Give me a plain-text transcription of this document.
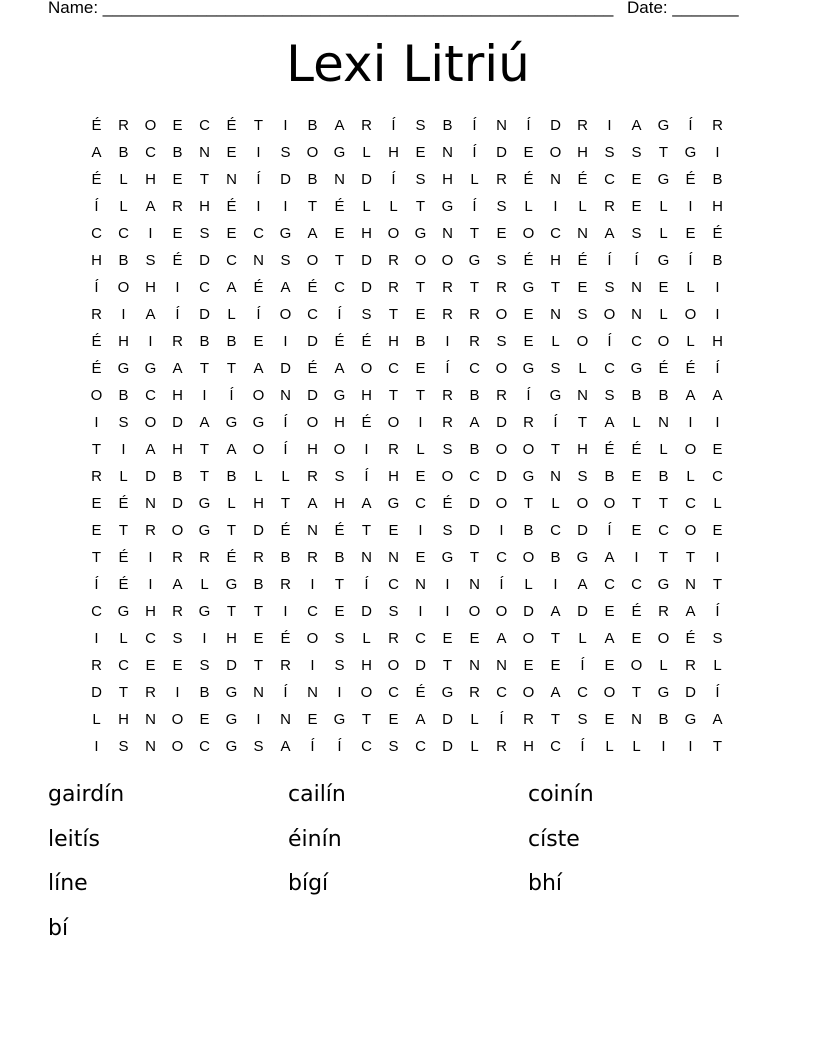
Name: ______________________________________________________ Date: _______
Lexi Litriú
É	R	O	E	C	É	T	I	B	A	R	Í	S	B	Í	N	Í	D	R	I	A	G	Í	R
A	B	C	B	N	E	I	S	O	G	L	H	E	N	Í	D	E	O	H	S	S	T	G	I
É	L	H	E	T	N	Í	D	B	N	D	Í	S	H	L	R	É	N	É	C	E	G	É	B
Í	L	A	R	H	É	I	I	T	É	L	L	T	G	Í	S	L	I	L	R	E	L	I	H
C	C	I	E	S	E	C	G	A	E	H	O	G	N	T	E	O	C	N	A	S	L	E	É
H	B	S	É	D	C	N	S	O	T	D	R	O	O	G	S	É	H	É	Í	Í	G	Í	B
Í	O	H	I	C	A	É	A	É	C	D	R	T	R	T	R	G	T	E	S	N	E	L	I
R	I	A	Í	D	L	Í	O	C	Í	S	T	E	R	R	O	E	N	S	O	N	L	O	I
É	H	I	R	B	B	E	I	D	É	É	H	B	I	R	S	E	L	O	Í	C	O	L	H
É	G	G	A	T	T	A	D	É	A	O	C	E	Í	C	O	G	S	L	C	G	É	É	Í
O	B	C	H	I	Í	O	N	D	G	H	T	T	R	B	R	Í	G	N	S	B	B	A	A
I	S	O	D	A	G	G	Í	O	H	É	O	I	R	A	D	R	Í	T	A	L	N	I	I
T	I	A	H	T	A	O	Í	H	O	I	R	L	S	B	O	O	T	H	É	É	L	O	E
R	L	D	B	T	B	L	L	R	S	Í	H	E	O	C	D	G	N	S	B	E	B	L	C
E	É	N	D	G	L	H	T	A	H	A	G	C	É	D	O	T	L	O	O	T	T	C	L
E	T	R	O	G	T	D	É	N	É	T	E	I	S	D	I	B	C	D	Í	E	C	O	E
T	É	I	R	R	É	R	B	R	B	N	N	E	G	T	C	O	B	G	A	I	T	T	I
Í	É	I	A	L	G	B	R	I	T	Í	C	N	I	N	Í	L	I	A	C	C	G	N	T
C	G	H	R	G	T	T	I	C	E	D	S	I	I	O	O	D	A	D	E	É	R	A	Í
I	L	C	S	I	H	E	É	O	S	L	R	C	E	E	A	O	T	L	A	E	O	É	S
R	C	E	E	S	D	T	R	I	S	H	O	D	T	N	N	E	E	Í	E	O	L	R	L
D	T	R	I	B	G	N	Í	N	I	O	C	É	G	R	C	O	A	C	O	T	G	D	Í
L	H	N	O	E	G	I	N	E	G	T	E	A	D	L	Í	R	T	S	E	N	B	G	A
I	S	N	O	C	G	S	A	Í	Í	C	S	C	D	L	R	H	C	Í	L	L	I	I	T
gairdín	cailín	coinín
leitís	éinín	císte
líne	bígí	bhí
bí
